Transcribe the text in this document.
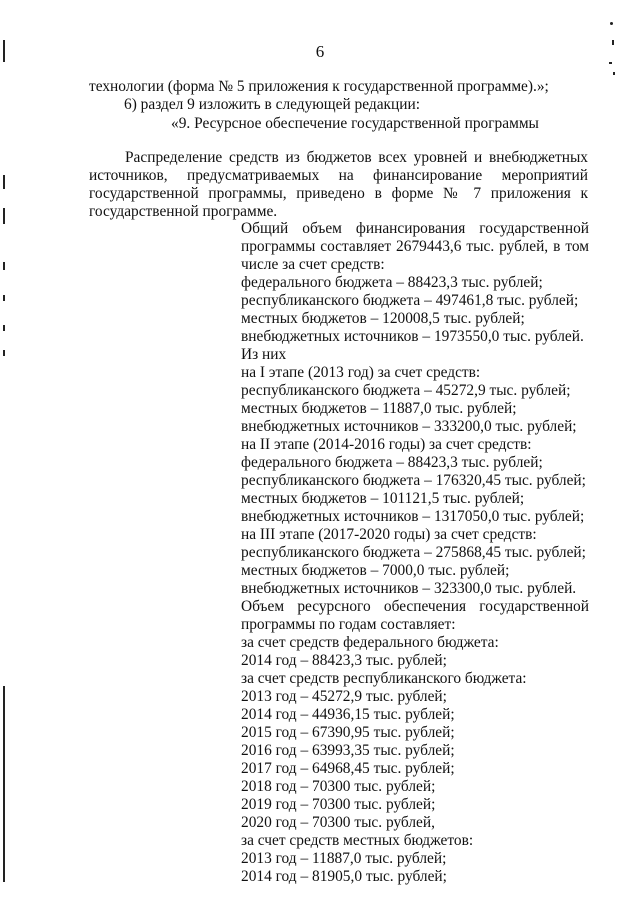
6
технологии (форма № 5 приложения к государственной программе).»;
6) раздел 9 изложить в следующей редакции:
«9. Ресурсное обеспечение государственной программы
Распределение средств из бюджетов всех уровней и внебюджетных
источников, предусматриваемых на финансирование мероприятий
государственной программы, приведено в форме № 7 приложения к
государственной программе.
Общий объем финансирования государственной
программы составляет 2679443,6 тыс. рублей, в том
числе за счет средств:
федерального бюджета – 88423,3 тыс. рублей;
республиканского бюджета – 497461,8 тыс. рублей;
местных бюджетов – 120008,5 тыс. рублей;
внебюджетных источников – 1973550,0 тыс. рублей.
Из них
на I этапе (2013 год) за счет средств:
республиканского бюджета – 45272,9 тыс. рублей;
местных бюджетов – 11887,0 тыс. рублей;
внебюджетных источников – 333200,0 тыс. рублей;
на II этапе (2014-2016 годы) за счет средств:
федерального бюджета – 88423,3 тыс. рублей;
республиканского бюджета – 176320,45 тыс. рублей;
местных бюджетов – 101121,5 тыс. рублей;
внебюджетных источников – 1317050,0 тыс. рублей;
на III этапе (2017-2020 годы) за счет средств:
республиканского бюджета – 275868,45 тыс. рублей;
местных бюджетов – 7000,0 тыс. рублей;
внебюджетных источников – 323300,0 тыс. рублей.
Объем ресурсного обеспечения государственной
программы по годам составляет:
за счет средств федерального бюджета:
2014 год – 88423,3 тыс. рублей;
за счет средств республиканского бюджета:
2013 год – 45272,9 тыс. рублей;
2014 год – 44936,15 тыс. рублей;
2015 год – 67390,95 тыс. рублей;
2016 год – 63993,35 тыс. рублей;
2017 год – 64968,45 тыс. рублей;
2018 год – 70300 тыс. рублей;
2019 год – 70300 тыс. рублей;
2020 год – 70300 тыс. рублей,
за счет средств местных бюджетов:
2013 год – 11887,0 тыс. рублей;
2014 год – 81905,0 тыс. рублей;
